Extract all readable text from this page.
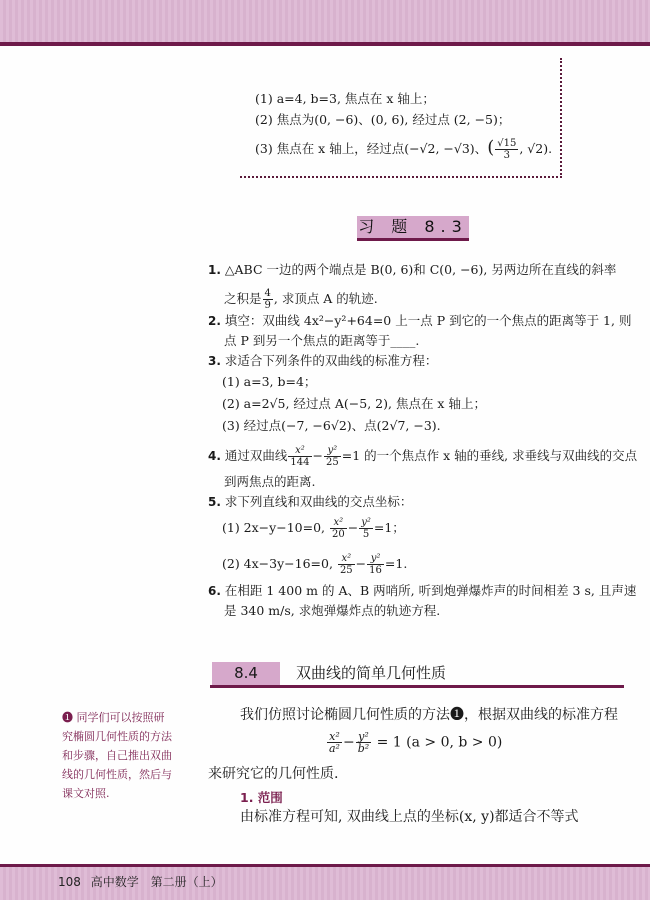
(1) a=4, b=3, 焦点在 x 轴上；
(2) 焦点为(0, −6)、(0, 6), 经过点 (2, −5)；
(3) 焦点在 x 轴上，经过点(−√2, −√3)、( $\frac{√15}{3}$ , √2).
习 题 8.3
1. △ABC 一边的两个端点是 B(0, 6)和 C(0, −6), 另两边所在直线的斜率
之积是 $\frac{4}{9}$ , 求顶点 A 的轨迹.
2. 填空：双曲线 4x²−y²+64=0 上一点 P 到它的一个焦点的距离等于 1, 则
点 P 到另一个焦点的距离等于____.
3. 求适合下列条件的双曲线的标准方程：
(1) a=3, b=4；
(2) a=2√5, 经过点 A(−5, 2), 焦点在 x 轴上；
(3) 经过点(−7, −6√2)、点(2√7, −3).
4. 通过双曲线 $\frac{\text{x²}}{144} - \frac{\text{y²}}{25} =1$ 的一个焦点作 x 轴的垂线, 求垂线与双曲线的交点
到两焦点的距离.
5. 求下列直线和双曲线的交点坐标：
(1) 2x−y−10=0, $\frac{\text{x²}}{20} - \frac{\text{y²}}{5} =1$；
(2) 4x−3y−16=0, $\frac{\text{x²}}{25} - \frac{\text{y²}}{16} =1$.
6. 在相距 1 400 m 的 A、B 两哨所, 听到炮弹爆炸声的时间相差 3 s, 且声速
是 340 m/s, 求炮弹爆炸点的轨迹方程.
8.4	双曲线的简单几何性质
❶ 同学们可以按照研究椭圆几何性质的方法和步骤，自己推出双曲线的几何性质，然后与课文对照.
我们仿照讨论椭圆几何性质的方法❶，根据双曲线的标准方程
$\frac{\text{x²}}{\text{a²}} - \frac{\text{y²}}{\text{b²}} = 1$ (a > 0, b > 0)
来研究它的几何性质.
1. 范围
由标准方程可知, 双曲线上点的坐标(x, y)都适合不等式
108 高中数学 第二册（上）
